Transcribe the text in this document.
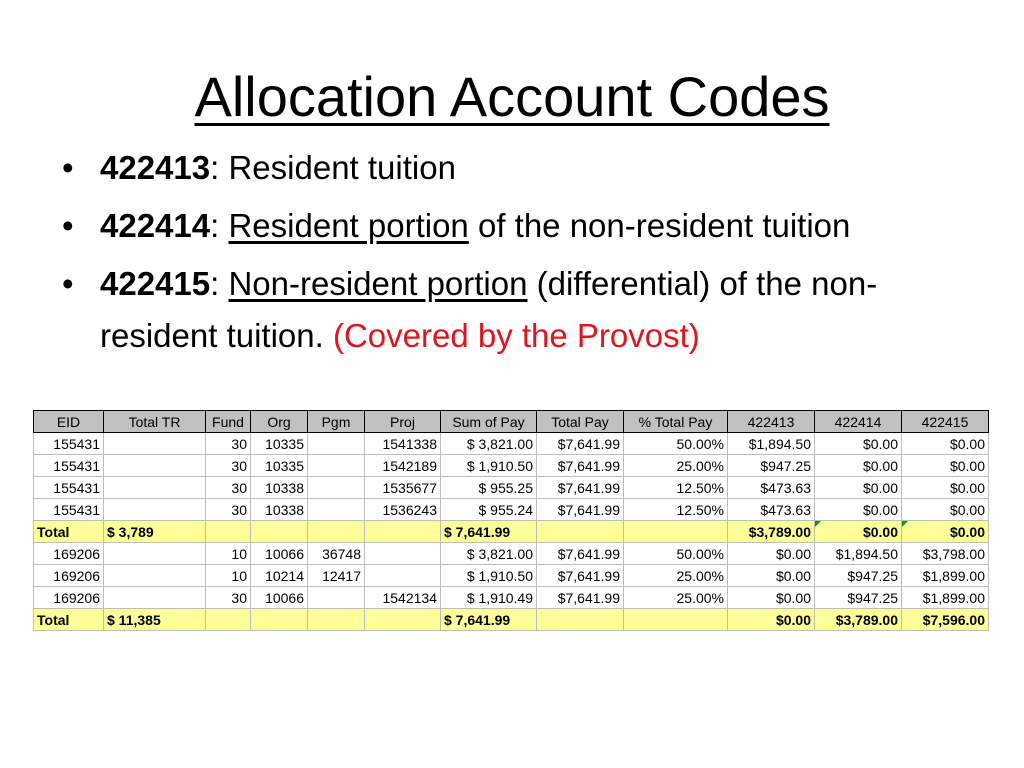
Allocation Account Codes
• 422413: Resident tuition
• 422414: Resident portion of the non-resident tuition
• 422415: Non-resident portion (differential) of the non-resident tuition. (Covered by the Provost)
EID	Total TR	Fund	Org	Pgm	Proj	Sum of Pay	Total Pay	% Total Pay	422413	422414	422415
155431		30	10335		1541338	$ 3,821.00	$7,641.99	50.00%	$1,894.50	$0.00	$0.00
155431		30	10335		1542189	$ 1,910.50	$7,641.99	25.00%	$947.25	$0.00	$0.00
155431		30	10338		1535677	$ 955.25	$7,641.99	12.50%	$473.63	$0.00	$0.00
155431		30	10338		1536243	$ 955.24	$7,641.99	12.50%	$473.63	$0.00	$0.00
Total	$ 3,789					$ 7,641.99			$3,789.00	$0.00	$0.00
169206		10	10066	36748		$ 3,821.00	$7,641.99	50.00%	$0.00	$1,894.50	$3,798.00
169206		10	10214	12417		$ 1,910.50	$7,641.99	25.00%	$0.00	$947.25	$1,899.00
169206		30	10066		1542134	$ 1,910.49	$7,641.99	25.00%	$0.00	$947.25	$1,899.00
Total	$ 11,385					$ 7,641.99			$0.00	$3,789.00	$7,596.00
